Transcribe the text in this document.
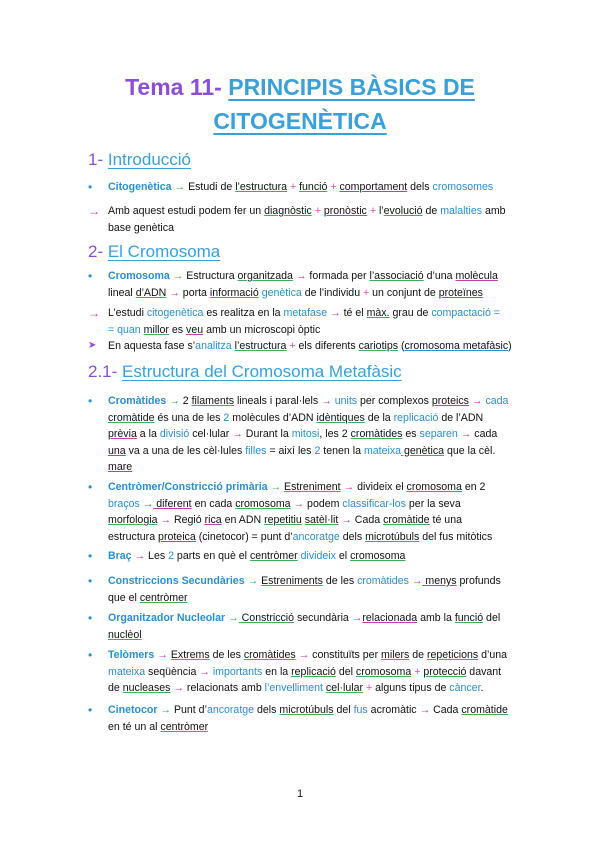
Tema 11- PRINCIPIS BÀSICS DE
CITOGENÈTICA
1- Introducció
•	Citogenètica → Estudi de l’estructura + funció + comportament dels cromosomes
→ Amb aquest estudi podem fer un diagnòstic + pronòstic + l’evolució de malalties amb base genètica
2- El Cromosoma
•	Cromosoma → Estructura organitzada → formada per l’associació d’una molècula
lineal d’ADN → porta informació genètica de l’individu + un conjunt de proteïnes
→ L’estudi citogenètica es realitza en la metafase → té el màx. grau de compactació =
= quan millor es veu amb un microscopi òptic
➤	En aquesta fase s’analitza l’estructura + els diferents cariotips (cromosoma metafàsic)
2.1- Estructura del Cromosoma Metafàsic
•	Cromàtides → 2 filaments lineals i paral·lels → units per complexos proteics → cada
cromàtide és una de les 2 molècules d’ADN idèntiques de la replicació de l’ADN
prèvia a la divisió cel·lular → Durant la mitosi, les 2 cromàtides es separen → cada
una va a una de les cèl·lules filles = així les 2 tenen la mateixa genètica que la cèl.
mare
•	Centròmer/Constricció primària → Estreniment → divideix el cromosoma en 2
braços → diferent en cada cromosoma → podem classificar-los per la seva
morfologia → Regió rica en ADN repetitiu satèl·lit → Cada cromàtide té una
estructura proteica (cinetocor) = punt d’ancoratge dels microtúbuls del fus mitòtics
•	Braç → Les 2 parts en què el centròmer divideix el cromosoma
•	Constriccions Secundàries → Estreniments de les cromàtides → menys profunds
que el centròmer
•	Organitzador Nucleolar → Constricció secundària →relacionada amb la funció del
nuclèol
•	Telòmers → Extrems de les cromàtides → constituïts per milers de repeticions d’una
mateixa seqüència → importants en la replicació del cromosoma + protecció davant
de nucleases → relacionats amb l’envelliment cel·lular + alguns tipus de càncer.
•	Cinetocor → Punt d’ancoratge dels microtúbuls del fus acromàtic → Cada cromàtide
en té un al centròmer
1
